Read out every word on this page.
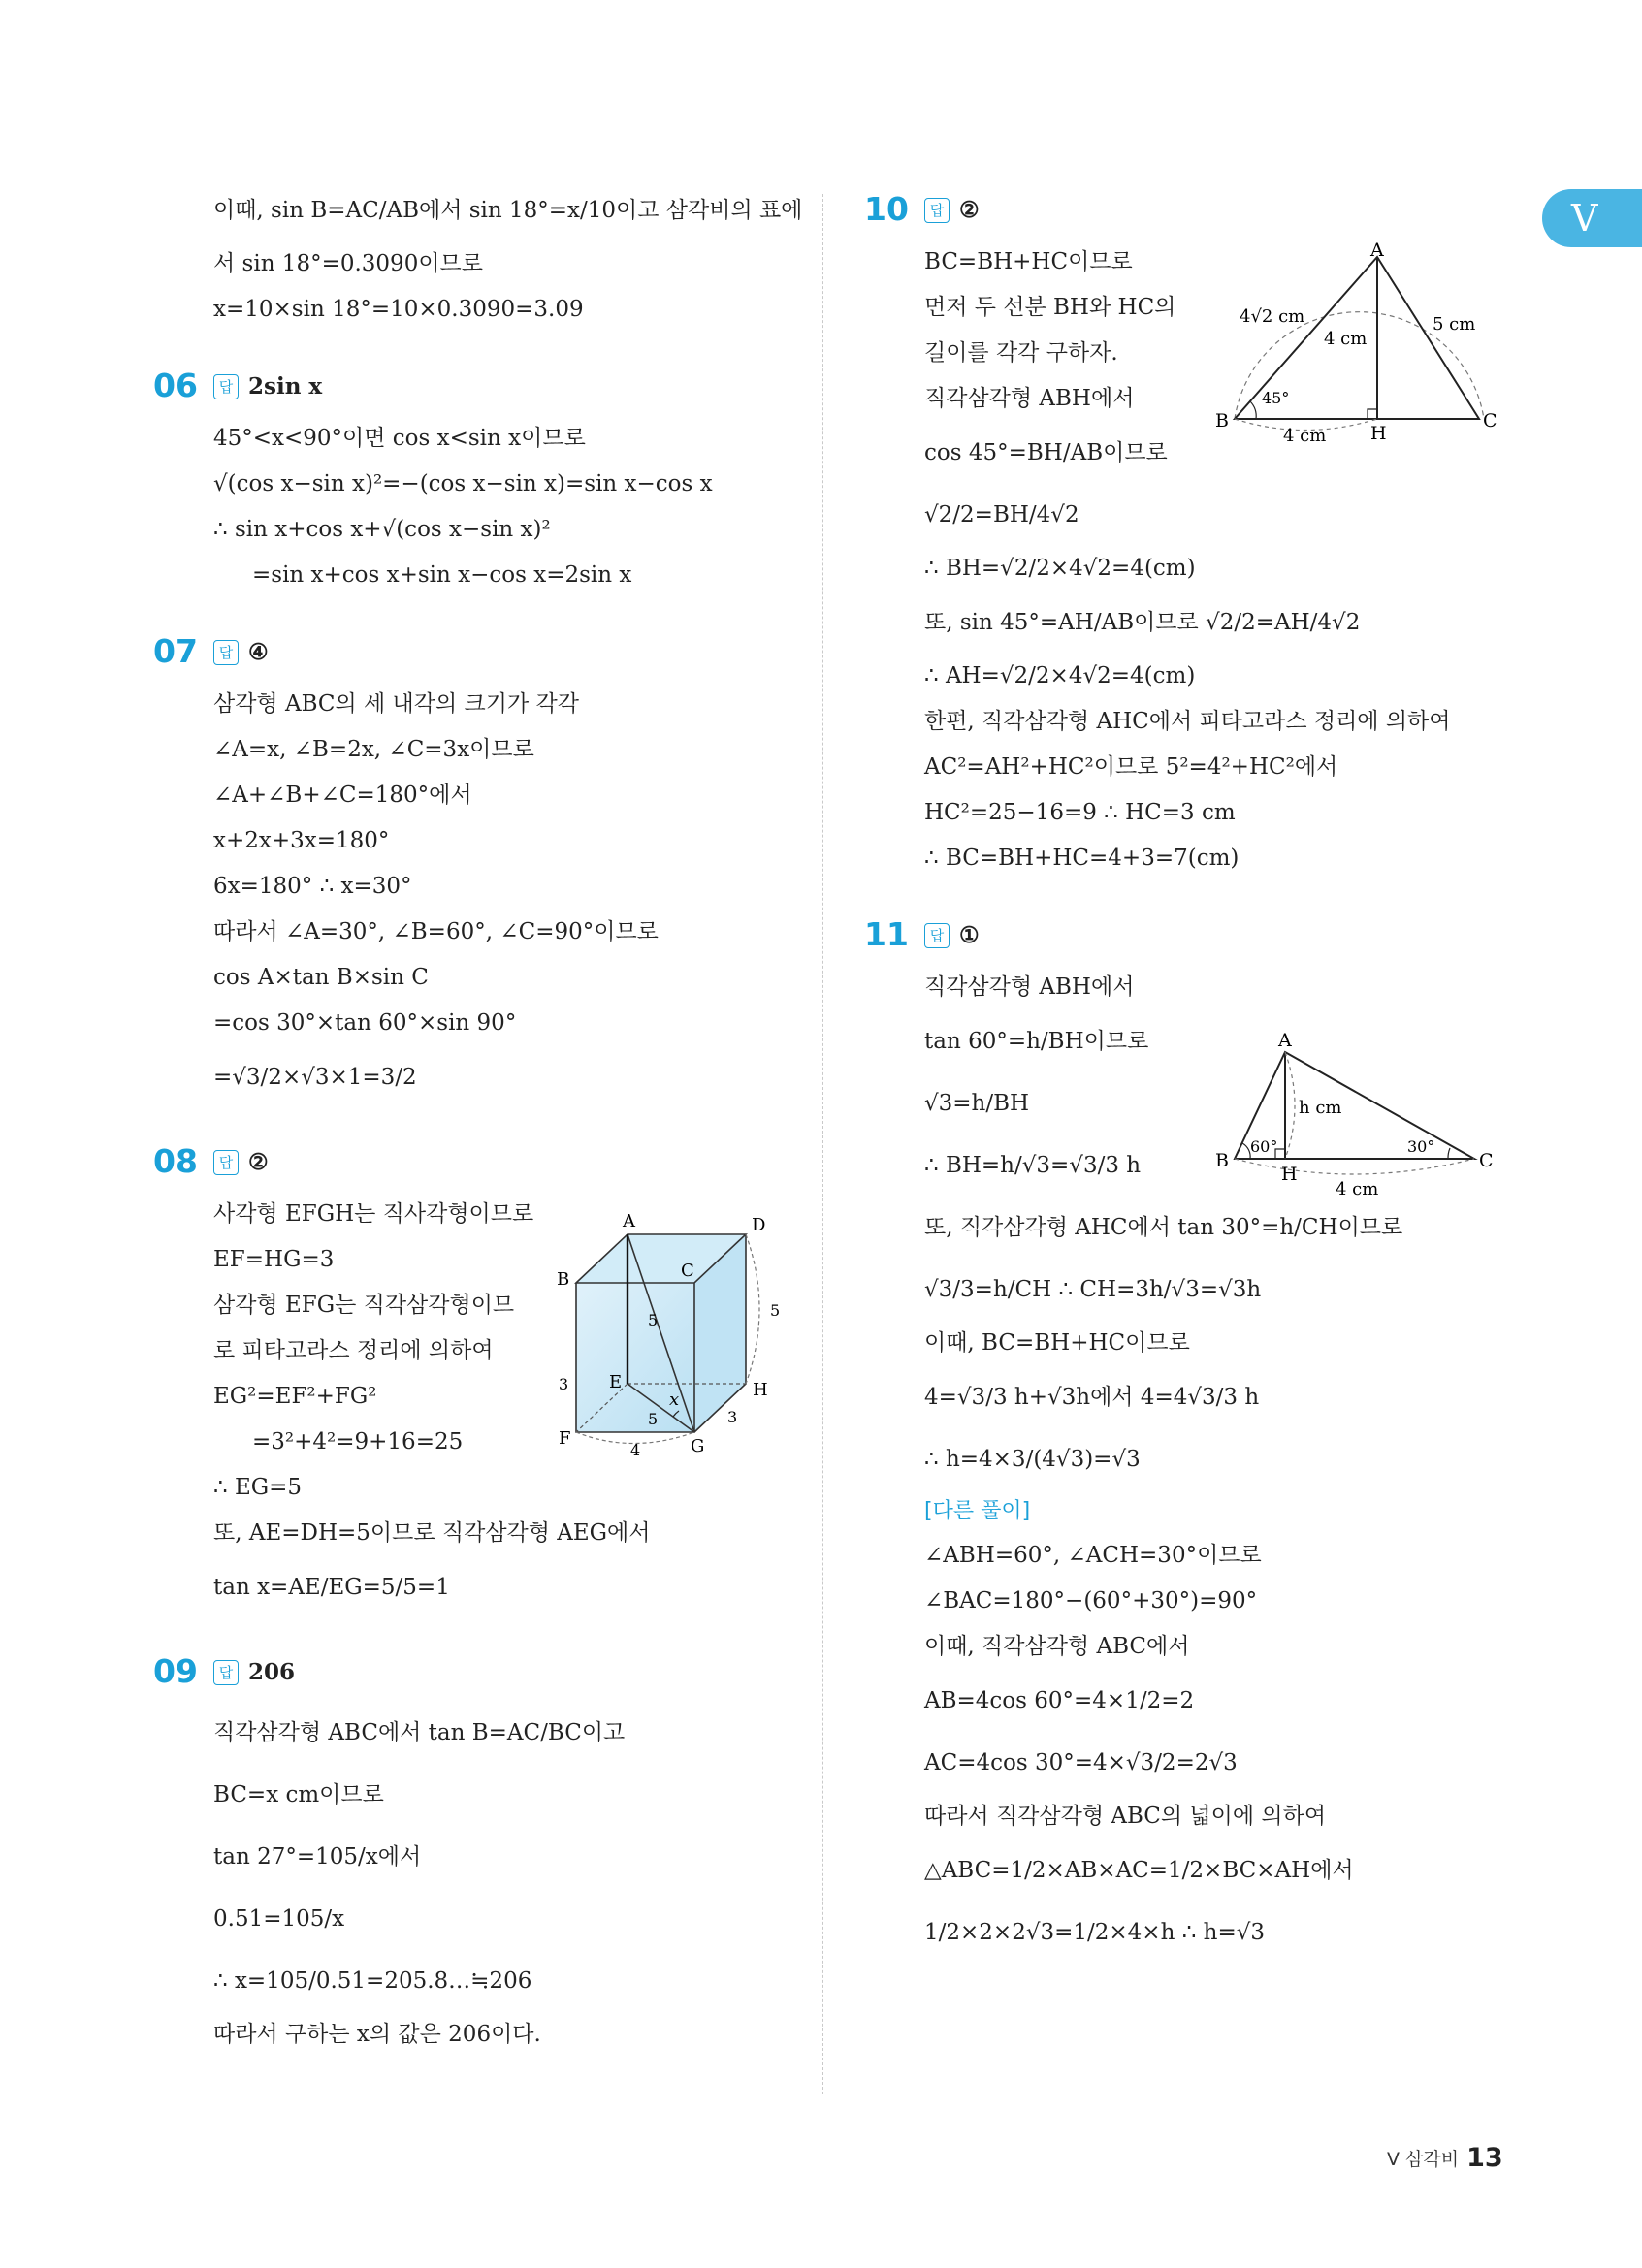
V
이때, sin B=AC/AB에서 sin 18°=x/10이고 삼각비의 표에
서 sin 18°=0.3090이므로
x=10×sin 18°=10×0.3090=3.09
06 답 2sin x
45°<x<90°이면 cos x<sin x이므로
√(cos x−sin x)²=−(cos x−sin x)=sin x−cos x
∴ sin x+cos x+√(cos x−sin x)²
=sin x+cos x+sin x−cos x=2sin x
07 답 ④
삼각형 ABC의 세 내각의 크기가 각각
∠A=x, ∠B=2x, ∠C=3x이므로
∠A+∠B+∠C=180°에서
x+2x+3x=180°
6x=180° ∴ x=30°
따라서 ∠A=30°, ∠B=60°, ∠C=90°이므로
cos A×tan B×sin C
=cos 30°×tan 60°×sin 90°
=√3/2×√3×1=3/2
08 답 ②
사각형 EFGH는 직사각형이므로
EF=HG=3
삼각형 EFG는 직각삼각형이므
로 피타고라스 정리에 의하여
EG²=EF²+FG²
=3²+4²=9+16=25
∴ EG=5
또, AE=DH=5이므로 직각삼각형 AEG에서
tan x=AE/EG=5/5=1
09 답 206
직각삼각형 ABC에서 tan B=AC/BC이고
BC=x cm이므로
tan 27°=105/x에서
0.51=105/x
∴ x=105/0.51=205.8…≒206
따라서 구하는 x의 값은 206이다.
10 답 ②
BC=BH+HC이므로
먼저 두 선분 BH와 HC의
길이를 각각 구하자.
직각삼각형 ABH에서
cos 45°=BH/AB이므로
√2/2=BH/4√2
∴ BH=√2/2×4√2=4(cm)
또, sin 45°=AH/AB이므로 √2/2=AH/4√2
∴ AH=√2/2×4√2=4(cm)
한편, 직각삼각형 AHC에서 피타고라스 정리에 의하여
AC²=AH²+HC²이므로 5²=4²+HC²에서
HC²=25−16=9 ∴ HC=3 cm
∴ BC=BH+HC=4+3=7(cm)
11 답 ①
직각삼각형 ABH에서
tan 60°=h/BH이므로
√3=h/BH
∴ BH=h/√3=√3/3 h
또, 직각삼각형 AHC에서 tan 30°=h/CH이므로
√3/3=h/CH ∴ CH=3h/√3=√3h
이때, BC=BH+HC이므로
4=√3/3 h+√3h에서 4=4√3/3 h
∴ h=4×3/(4√3)=√3
[다른 풀이]
∠ABH=60°, ∠ACH=30°이므로
∠BAC=180°−(60°+30°)=90°
이때, 직각삼각형 ABC에서
AB=4cos 60°=4×1/2=2
AC=4cos 30°=4×√3/2=2√3
따라서 직각삼각형 ABC의 넓이에 의하여
△ABC=1/2×AB×AC=1/2×BC×AH에서
1/2×2×2√3=1/2×4×h ∴ h=√3
A
B	C
H
4√2 cm
4 cm
5 cm
4 cm
45°
A
B	C
H
h cm
4 cm
60°	30°
A
B	C
D
E
F	G
H
x
5
5
5
3
4
3
Ⅴ 삼각비 13
